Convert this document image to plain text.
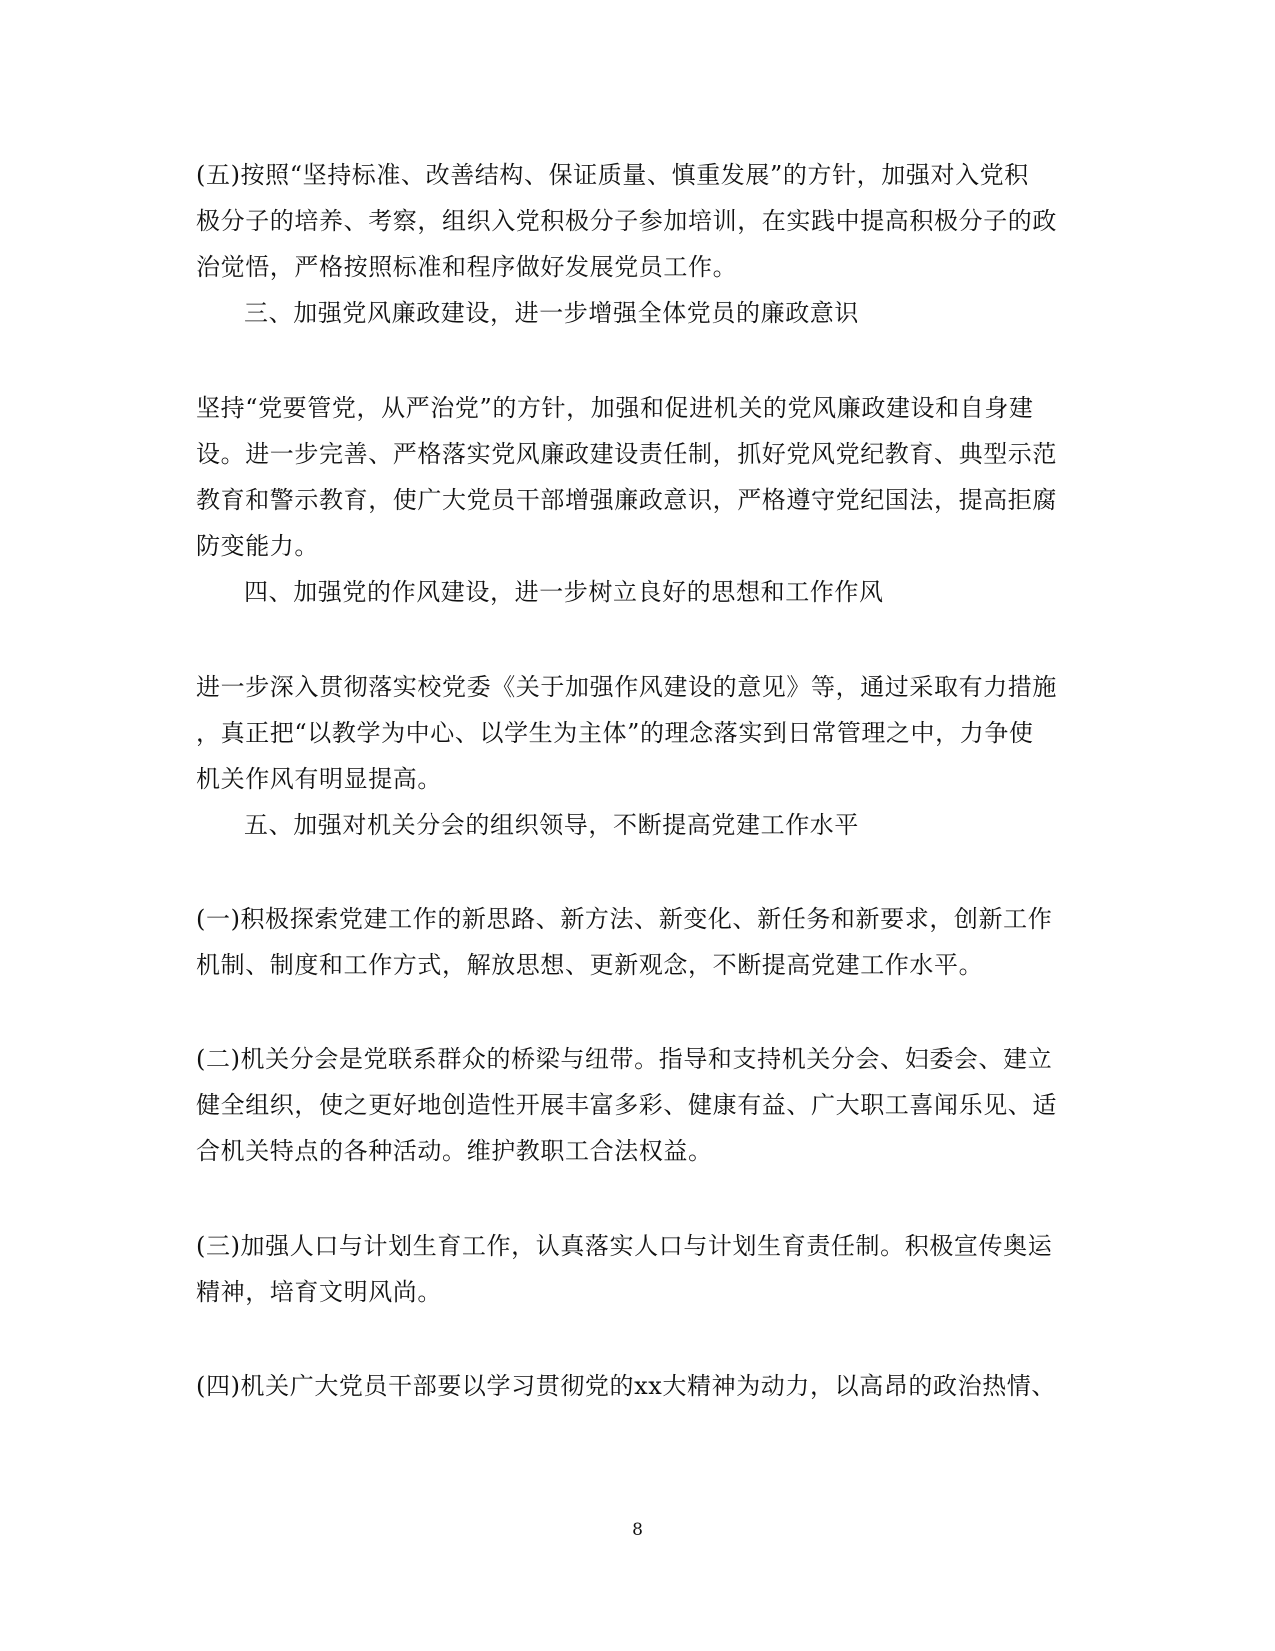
(五)按照“坚持标准、改善结构、保证质量、慎重发展”的方针，加强对入党积
极分子的培养、考察，组织入党积极分子参加培训，在实践中提高积极分子的政
治觉悟，严格按照标准和程序做好发展党员工作。
三、加强党风廉政建设，进一步增强全体党员的廉政意识
坚持“党要管党，从严治党”的方针，加强和促进机关的党风廉政建设和自身建
设。进一步完善、严格落实党风廉政建设责任制，抓好党风党纪教育、典型示范
教育和警示教育，使广大党员干部增强廉政意识，严格遵守党纪国法，提高拒腐
防变能力。
四、加强党的作风建设，进一步树立良好的思想和工作作风
进一步深入贯彻落实校党委《关于加强作风建设的意见》等，通过采取有力措施
，真正把“以教学为中心、以学生为主体”的理念落实到日常管理之中，力争使
机关作风有明显提高。
五、加强对机关分会的组织领导，不断提高党建工作水平
(一)积极探索党建工作的新思路、新方法、新变化、新任务和新要求，创新工作
机制、制度和工作方式，解放思想、更新观念，不断提高党建工作水平。
(二)机关分会是党联系群众的桥梁与纽带。指导和支持机关分会、妇委会、建立
健全组织，使之更好地创造性开展丰富多彩、健康有益、广大职工喜闻乐见、适
合机关特点的各种活动。维护教职工合法权益。
(三)加强人口与计划生育工作，认真落实人口与计划生育责任制。积极宣传奥运
精神，培育文明风尚。
(四)机关广大党员干部要以学习贯彻党的xx大精神为动力，以高昂的政治热情、
8
